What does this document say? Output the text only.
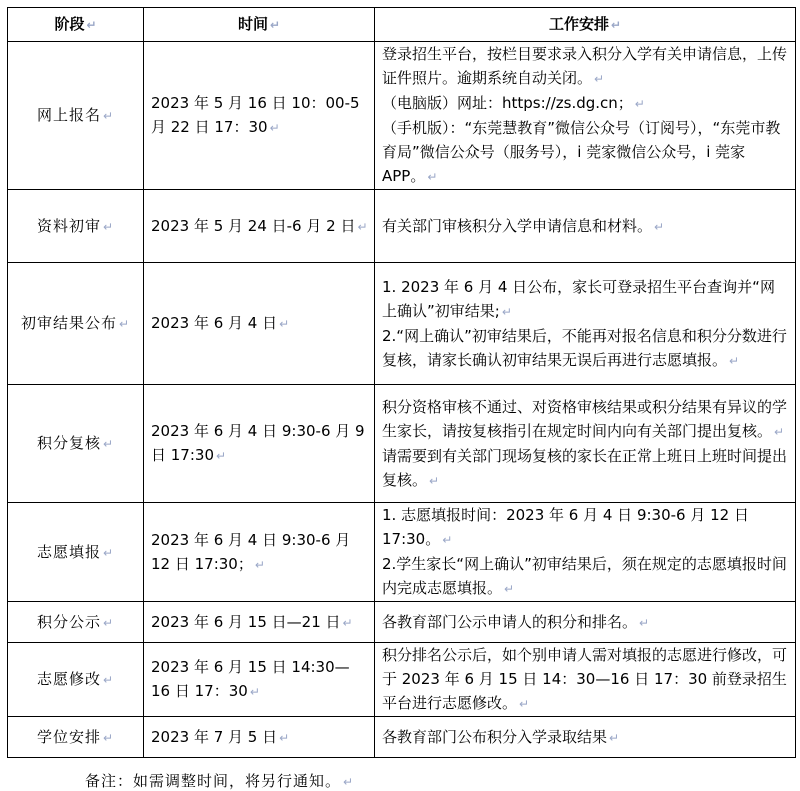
阶段 ↵	时间 ↵	工作安排 ↵
网上报名 ↵	2023 年 5 月 16 日 10：00-5 月 22 日 17：30 ↵	登录招生平台，按栏目要求录入积分入学有关申请信息，上传证件照片。逾期系统自动关闭。 ↵
（电脑版）网址：https://zs.dg.cn； ↵
（手机版）：“东莞慧教育”微信公众号（订阅号），“东莞市教育局”微信公众号（服务号），i 莞家微信公众号，i 莞家 APP。 ↵

资料初审 ↵	2023 年 5 月 24 日-6 月 2 日 ↵	有关部门审核积分入学申请信息和材料。 ↵

初审结果公布 ↵	2023 年 6 月 4 日 ↵	1. 2023 年 6 月 4 日公布，家长可登录招生平台查询并“网上确认”初审结果; ↵
2.“网上确认”初审结果后，不能再对报名信息和积分分数进行复核，请家长确认初审结果无误后再进行志愿填报。 ↵

积分复核 ↵	2023 年 6 月 4 日 9:30-6 月 9 日 17:30 ↵	积分资格审核不通过、对资格审核结果或积分结果有异议的学生家长，请按复核指引在规定时间内向有关部门提出复核。 ↵
请需要到有关部门现场复核的家长在正常上班日上班时间提出复核。 ↵

志愿填报 ↵	2023 年 6 月 4 日 9:30-6 月 12 日 17:30； ↵	1. 志愿填报时间：2023 年 6 月 4 日 9:30-6 月 12 日 17:30。 ↵
2.学生家长“网上确认”初审结果后，须在规定的志愿填报时间内完成志愿填报。 ↵

积分公示 ↵	2023 年 6 月 15 日—21 日 ↵	各教育部门公示申请人的积分和排名。 ↵

志愿修改 ↵	2023 年 6 月 15 日 14:30—16 日 17：30 ↵	积分排名公示后，如个别申请人需对填报的志愿进行修改，可于 2023 年 6 月 15 日 14：30—16 日 17：30 前登录招生平台进行志愿修改。 ↵

学位安排 ↵	2023 年 7 月 5 日 ↵	各教育部门公布积分入学录取结果 ↵
备注：如需调整时间，将另行通知。 ↵
